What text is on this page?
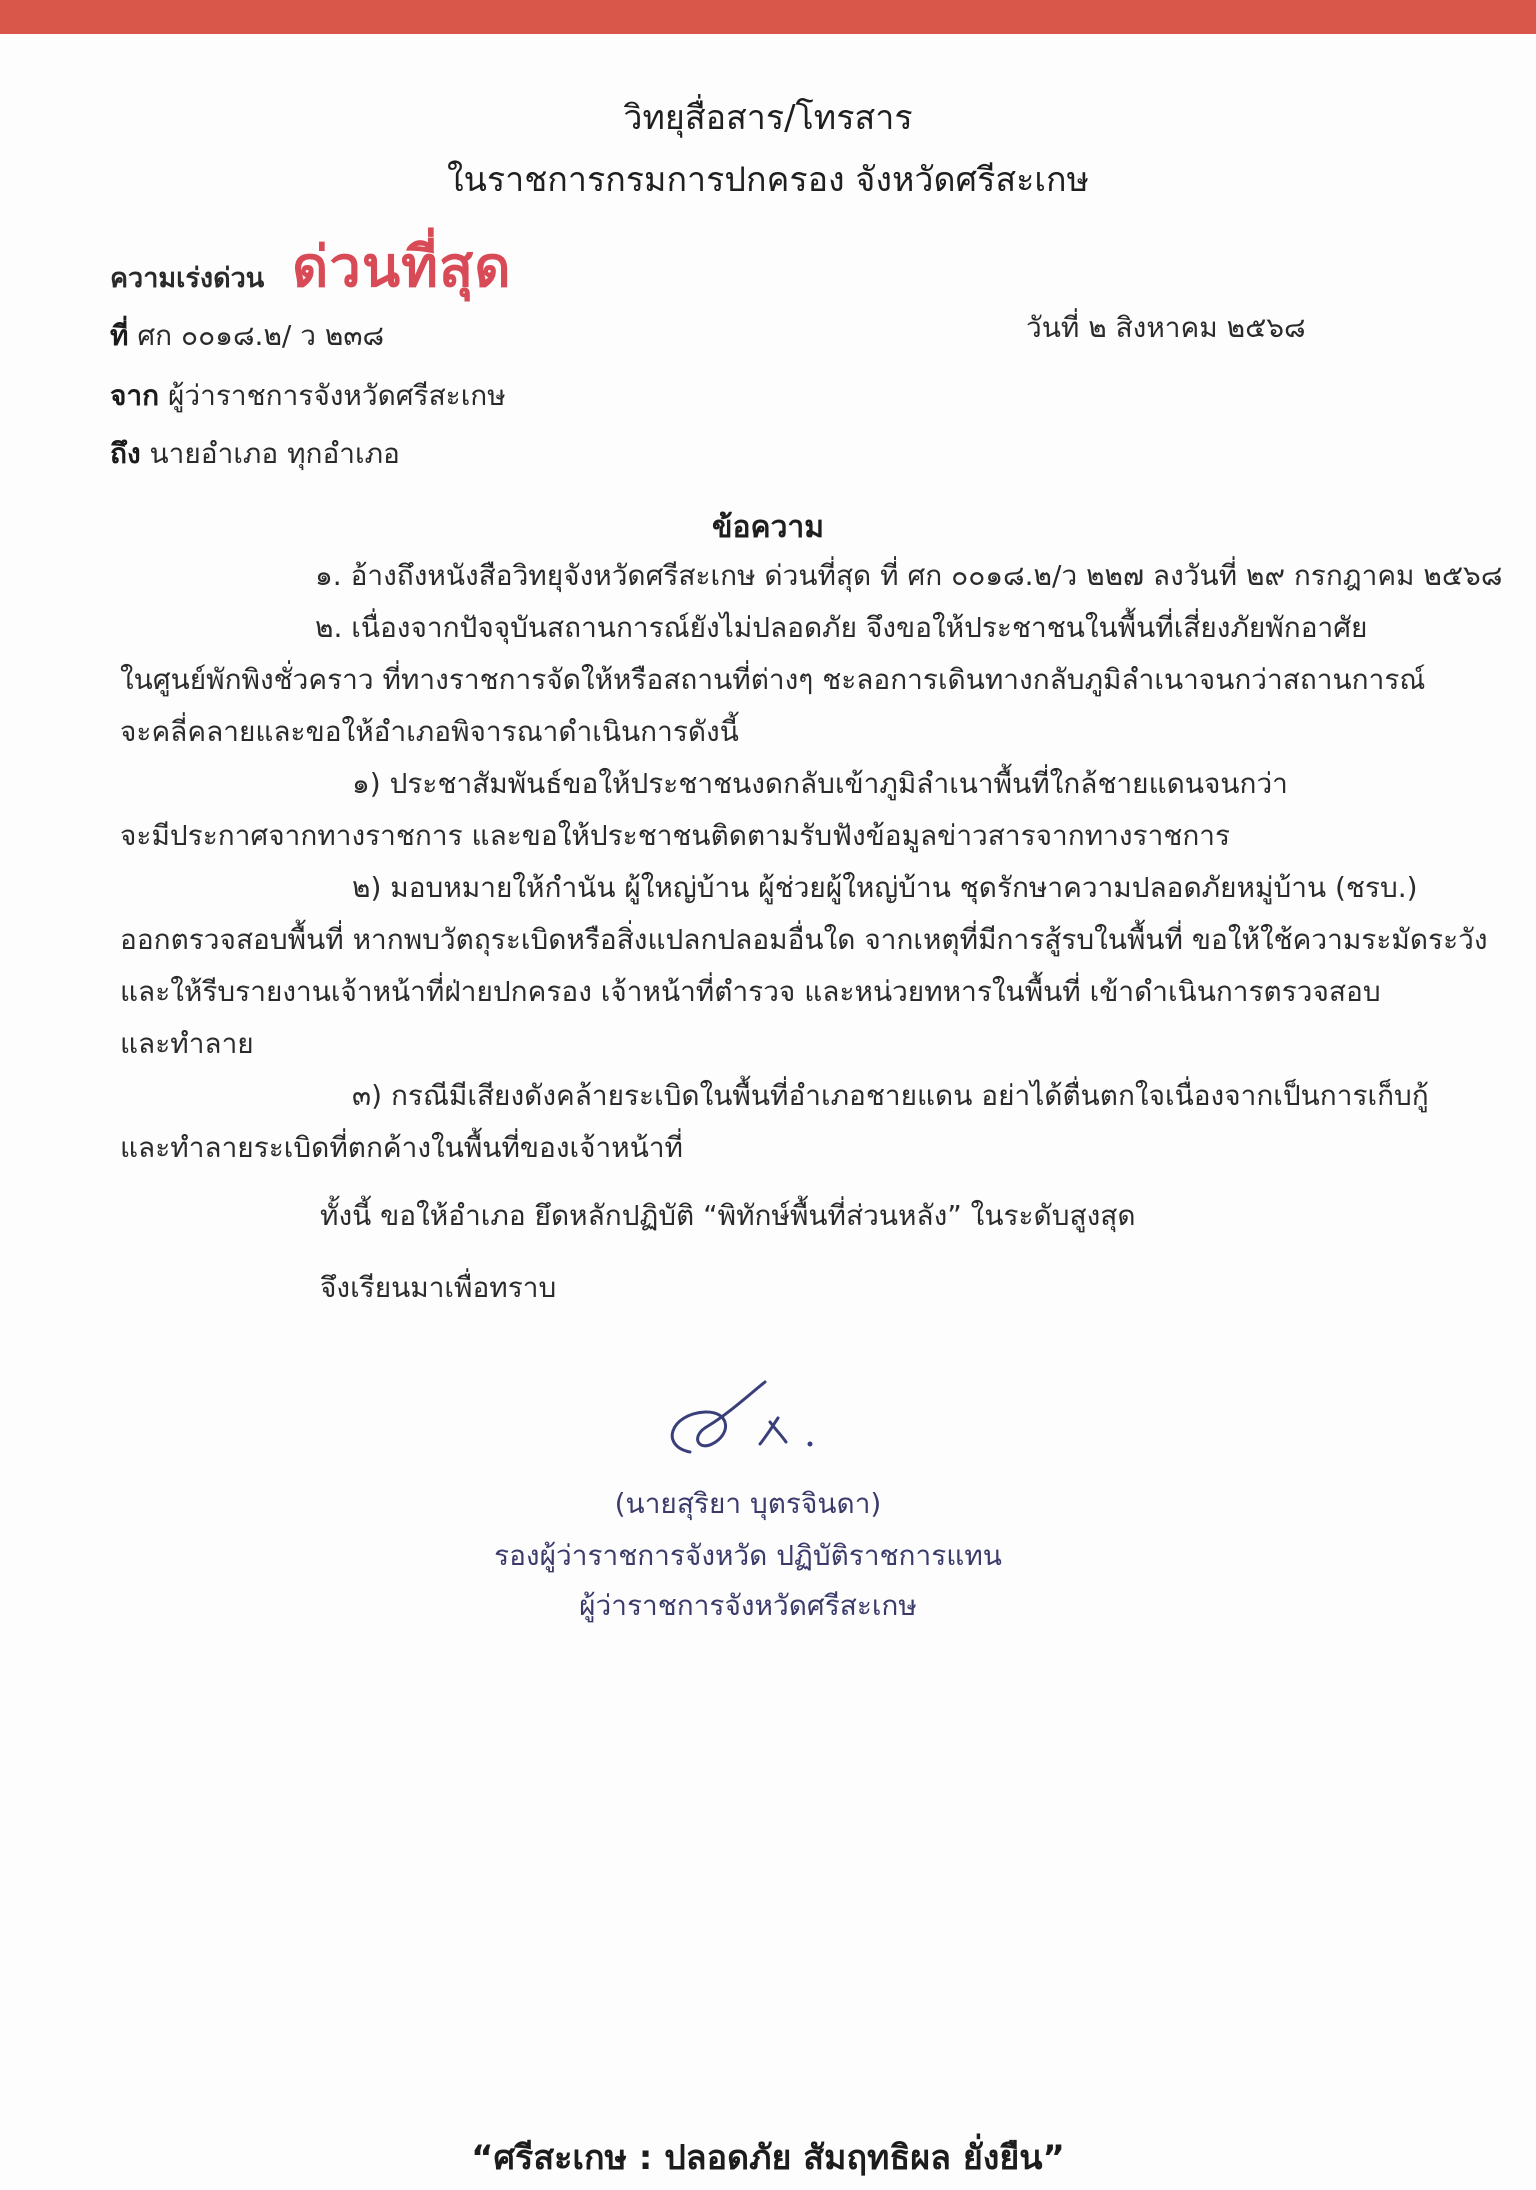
วิทยุสื่อสาร/โทรสาร
ในราชการกรมการปกครอง จังหวัดศรีสะเกษ
ความเร่งด่วน ด่วนที่สุด
ที่ ศก ๐๐๑๘.๒/ ว ๒๓๘	วันที่ ๒ สิงหาคม ๒๕๖๘
จาก ผู้ว่าราชการจังหวัดศรีสะเกษ
ถึง นายอำเภอ ทุกอำเภอ
ข้อความ
๑. อ้างถึงหนังสือวิทยุจังหวัดศรีสะเกษ ด่วนที่สุด ที่ ศก ๐๐๑๘.๒/ว ๒๒๗ ลงวันที่ ๒๙ กรกฎาคม ๒๕๖๘
๒. เนื่องจากปัจจุบันสถานการณ์ยังไม่ปลอดภัย จึงขอให้ประชาชนในพื้นที่เสี่ยงภัยพักอาศัย
ในศูนย์พักพิงชั่วคราว ที่ทางราชการจัดให้หรือสถานที่ต่างๆ ชะลอการเดินทางกลับภูมิลำเนาจนกว่าสถานการณ์
จะคลี่คลายและขอให้อำเภอพิจารณาดำเนินการดังนี้
๑) ประชาสัมพันธ์ขอให้ประชาชนงดกลับเข้าภูมิลำเนาพื้นที่ใกล้ชายแดนจนกว่า
จะมีประกาศจากทางราชการ และขอให้ประชาชนติดตามรับฟังข้อมูลข่าวสารจากทางราชการ
๒) มอบหมายให้กำนัน ผู้ใหญ่บ้าน ผู้ช่วยผู้ใหญ่บ้าน ชุดรักษาความปลอดภัยหมู่บ้าน (ชรบ.)
ออกตรวจสอบพื้นที่ หากพบวัตถุระเบิดหรือสิ่งแปลกปลอมอื่นใด จากเหตุที่มีการสู้รบในพื้นที่ ขอให้ใช้ความระมัดระวัง
และให้รีบรายงานเจ้าหน้าที่ฝ่ายปกครอง เจ้าหน้าที่ตำรวจ และหน่วยทหารในพื้นที่ เข้าดำเนินการตรวจสอบ
และทำลาย
๓) กรณีมีเสียงดังคล้ายระเบิดในพื้นที่อำเภอชายแดน อย่าได้ตื่นตกใจเนื่องจากเป็นการเก็บกู้
และทำลายระเบิดที่ตกค้างในพื้นที่ของเจ้าหน้าที่
ทั้งนี้ ขอให้อำเภอ ยึดหลักปฏิบัติ “พิทักษ์พื้นที่ส่วนหลัง” ในระดับสูงสุด
จึงเรียนมาเพื่อทราบ
(นายสุริยา บุตรจินดา)
รองผู้ว่าราชการจังหวัด ปฏิบัติราชการแทน
ผู้ว่าราชการจังหวัดศรีสะเกษ
“ศรีสะเกษ : ปลอดภัย สัมฤทธิผล ยั่งยืน”
